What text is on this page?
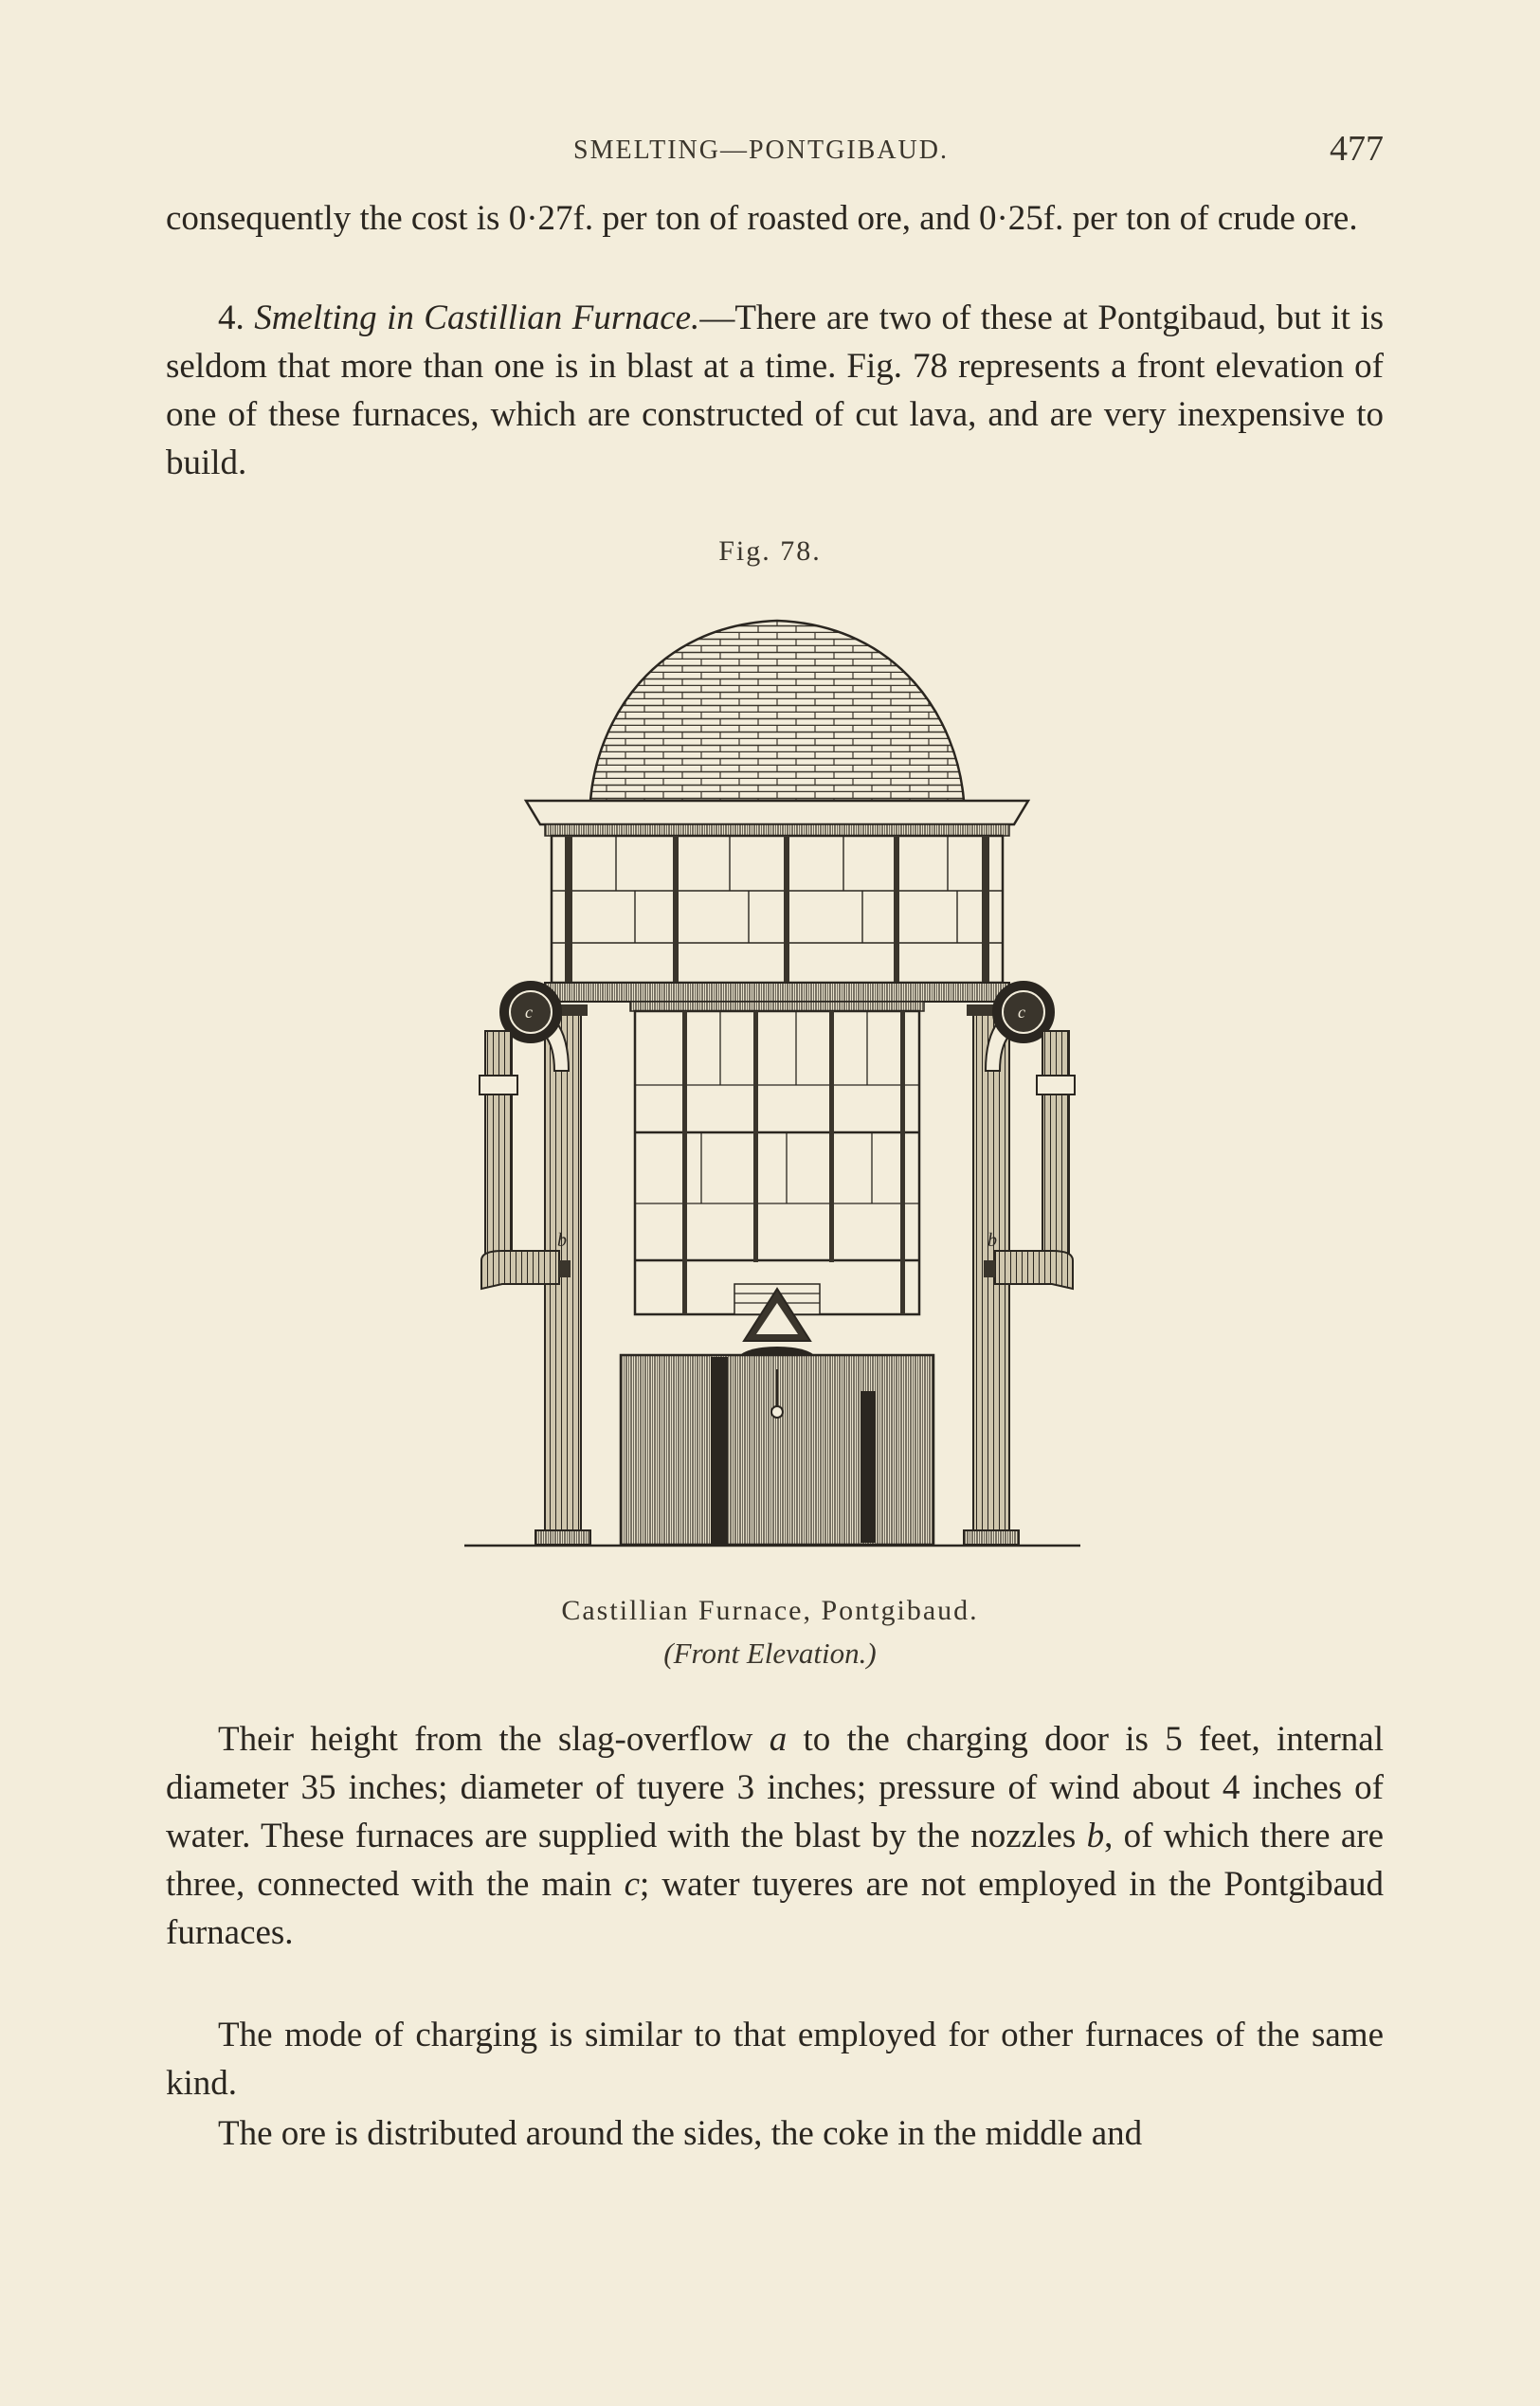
SMELTING—PONTGIBAUD.	477

consequently the cost is 0·27f. per ton of roasted ore, and 0·25f. per ton of crude ore.

4. Smelting in Castillian Furnace.—There are two of these at Pontgibaud, but it is seldom that more than one is in blast at a time. Fig. 78 represents a front elevation of one of these furnaces, which are constructed of cut lava, and are very inexpensive to build.

Fig. 78.
c	c
b	b
Castillian Furnace, Pontgibaud.
(Front Elevation.)

Their height from the slag-overflow a to the charging door is 5 feet, internal diameter 35 inches; diameter of tuyere 3 inches; pressure of wind about 4 inches of water. These furnaces are supplied with the blast by the nozzles b, of which there are three, connected with the main c; water tuyeres are not employed in the Pontgibaud furnaces.

The mode of charging is similar to that employed for other furnaces of the same kind.

The ore is distributed around the sides, the coke in the middle and
